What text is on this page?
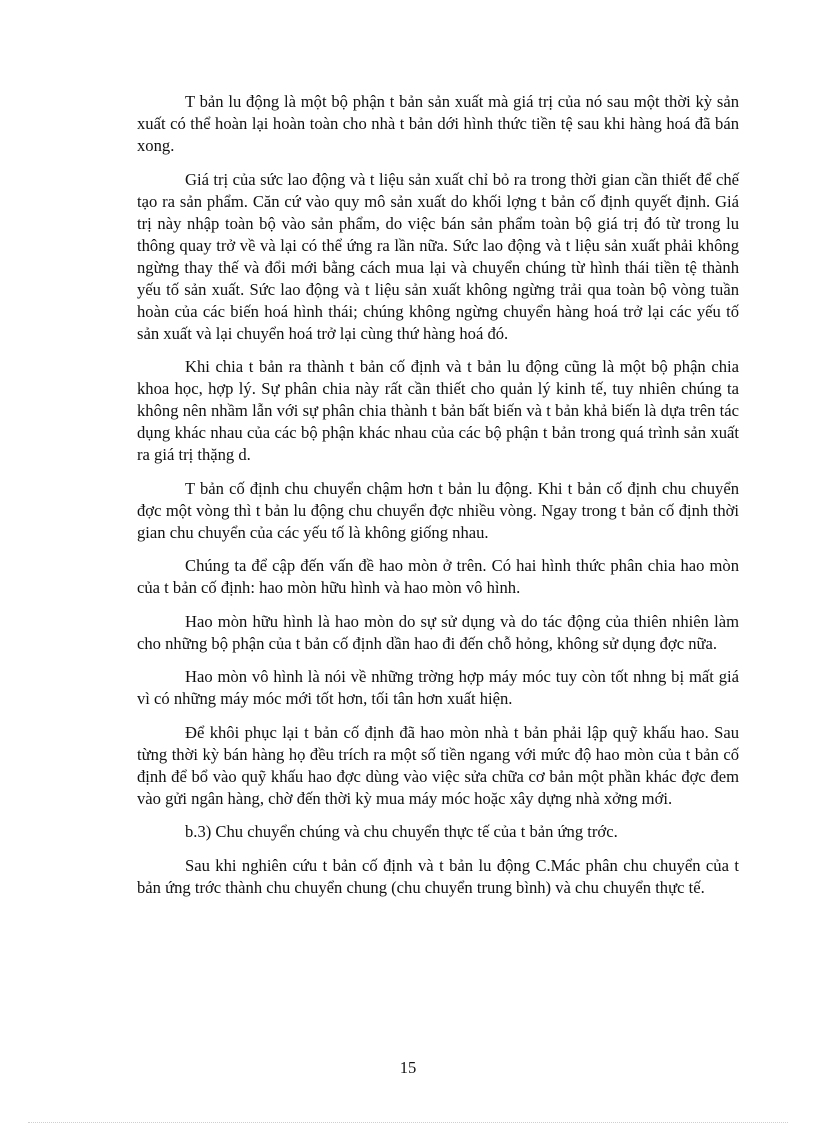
T bản lu động là một bộ phận t bản sản xuất mà giá trị của nó sau một thời kỳ sản xuất có thể hoàn lại hoàn toàn cho nhà t bản dới hình thức tiền tệ sau khi hàng hoá đã bán xong.

Giá trị của sức lao động và t liệu sản xuất chỉ bỏ ra trong thời gian cần thiết để chế tạo ra sản phẩm. Căn cứ vào quy mô sản xuất do khối lợng t bản cố định quyết định. Giá trị này nhập toàn bộ vào sản phẩm, do việc bán sản phẩm toàn bộ giá trị đó từ trong lu thông quay trở về và lại có thể ứng ra lần nữa. Sức lao động và t liệu sản xuất phải không ngừng thay thế và đổi mới bằng cách mua lại và chuyển chúng từ hình thái tiền tệ thành yếu tố sản xuất. Sức lao động và t liệu sản xuất không ngừng trải qua toàn bộ vòng tuần hoàn của các biến hoá hình thái; chúng không ngừng chuyển hàng hoá trở lại các yếu tố sản xuất và lại chuyển hoá trở lại cùng thứ hàng hoá đó.

Khi chia t bản ra thành t bản cố định và t bản lu động cũng là một bộ phận chia khoa học, hợp lý. Sự phân chia này rất cần thiết cho quản lý kinh tế, tuy nhiên chúng ta không nên nhầm lẫn với sự phân chia thành t bản bất biến và t bản khả biến là dựa trên tác dụng khác nhau của các bộ phận khác nhau của các bộ phận t bản trong quá trình sản xuất ra giá trị thặng d.

T bản cố định chu chuyển chậm hơn t bản lu động. Khi t bản cố định chu chuyển đợc một vòng thì t bản lu động chu chuyển đợc nhiều vòng. Ngay trong t bản cố định thời gian chu chuyển của các yếu tố là không giống nhau.

Chúng ta để cập đến vấn đề hao mòn ở trên. Có hai hình thức phân chia hao mòn của t bản cố định: hao mòn hữu hình và hao mòn vô hình.

Hao mòn hữu hình là hao mòn do sự sử dụng và do tác động của thiên nhiên làm cho những bộ phận của t bản cố định dần hao đi đến chỗ hỏng, không sử dụng đợc nữa.

Hao mòn vô hình là nói về những trờng hợp máy móc tuy còn tốt nhng bị mất giá vì có những máy móc mới tốt hơn, tối tân hơn xuất hiện.

Để khôi phục lại t bản cố định đã hao mòn nhà t bản phải lập quỹ khấu hao. Sau từng thời kỳ bán hàng họ đều trích ra một số tiền ngang với mức độ hao mòn của t bản cố định để bổ vào quỹ khấu hao đợc dùng vào việc sửa chữa cơ bản một phần khác đợc đem vào gửi ngân hàng, chờ đến thời kỳ mua máy móc hoặc xây dựng nhà xởng mới.

b.3) Chu chuyển chúng và chu chuyển thực tế của t bản ứng trớc.

Sau khi nghiên cứu t bản cố định và t bản lu động C.Mác phân chu chuyển của t bản ứng trớc thành chu chuyển chung (chu chuyển trung bình) và chu chuyển thực tế.

15
